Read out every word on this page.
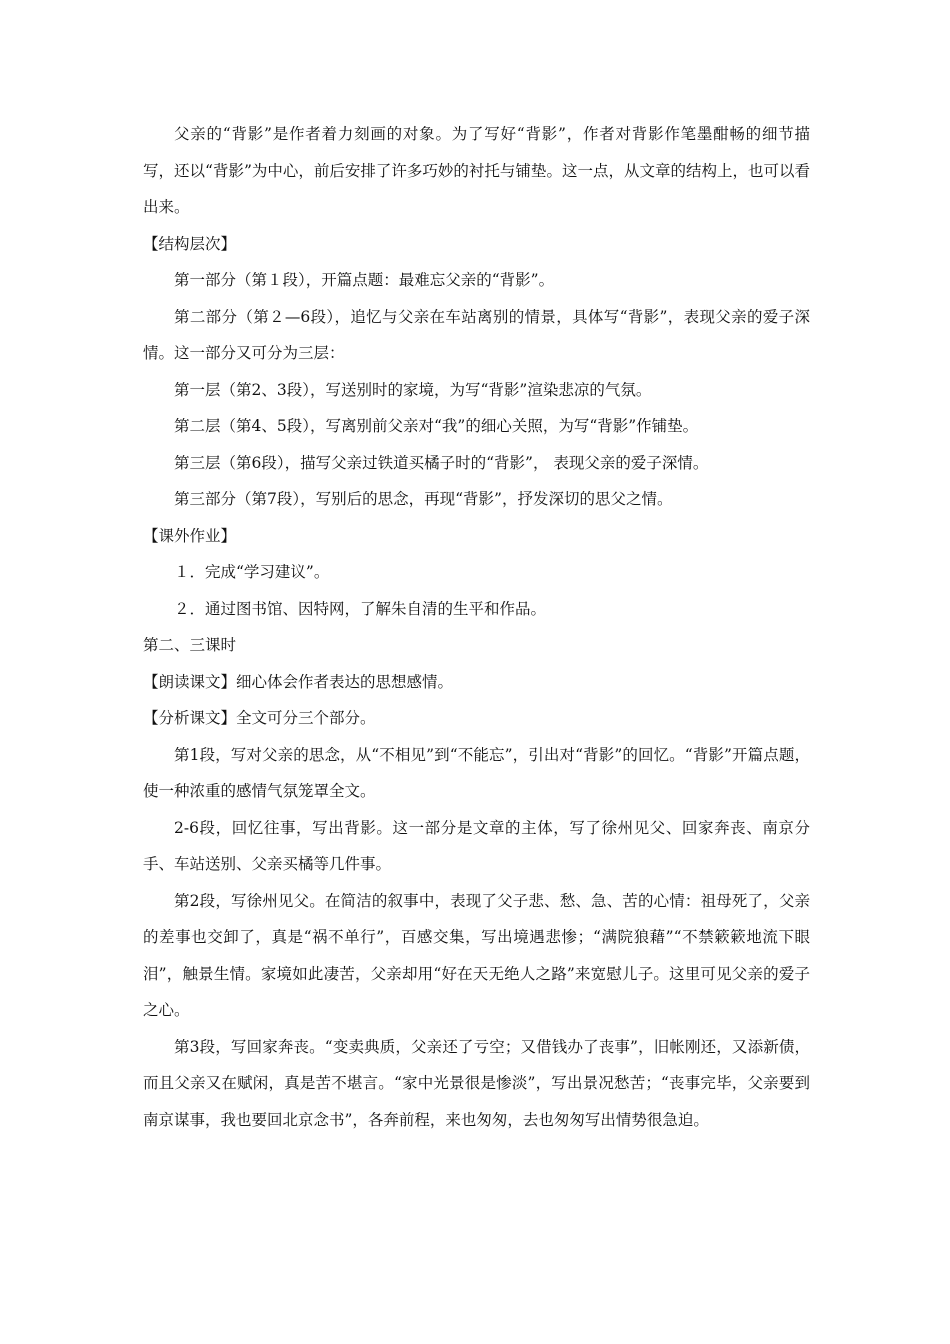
父亲的“背影”是作者着力刻画的对象。为了写好“背影”，作者对背影作笔墨酣畅的细节描写，还以“背影”为中心，前后安排了许多巧妙的衬托与铺垫。这一点，从文章的结构上，也可以看出来。

【结构层次】

第一部分（第１段），开篇点题：最难忘父亲的“背影”。

第二部分（第２—6段），追忆与父亲在车站离别的情景，具体写“背影”，表现父亲的爱子深情。这一部分又可分为三层：

第一层（第2、3段），写送别时的家境，为写“背影”渲染悲凉的气氛。

第二层（第4、5段），写离别前父亲对“我”的细心关照，为写“背影”作铺垫。

第三层（第6段），描写父亲过铁道买橘子时的“背影”， 表现父亲的爱子深情。

第三部分（第7段），写别后的思念，再现“背影”，抒发深切的思父之情。

【课外作业】

１．完成“学习建议”。

２．通过图书馆、因特网，了解朱自清的生平和作品。

第二、三课时

【朗读课文】细心体会作者表达的思想感情。

【分析课文】全文可分三个部分。

第1段，写对父亲的思念，从“不相见”到“不能忘”，引出对“背影”的回忆。“背影”开篇点题，使一种浓重的感情气氛笼罩全文。

2-6段，回忆往事，写出背影。这一部分是文章的主体，写了徐州见父、回家奔丧、南京分手、车站送别、父亲买橘等几件事。

第2段，写徐州见父。在简洁的叙事中，表现了父子悲、愁、急、苦的心情：祖母死了，父亲的差事也交卸了，真是“祸不单行”，百感交集，写出境遇悲惨；“满院狼藉”“不禁簌簌地流下眼泪”，触景生情。家境如此凄苦，父亲却用“好在天无绝人之路”来宽慰儿子。这里可见父亲的爱子之心。

第3段，写回家奔丧。“变卖典质，父亲还了亏空；又借钱办了丧事”，旧帐刚还，又添新债，而且父亲又在赋闲，真是苦不堪言。“家中光景很是惨淡”，写出景况愁苦；“丧事完毕，父亲要到南京谋事，我也要回北京念书”，各奔前程，来也匆匆，去也匆匆写出情势很急迫。
